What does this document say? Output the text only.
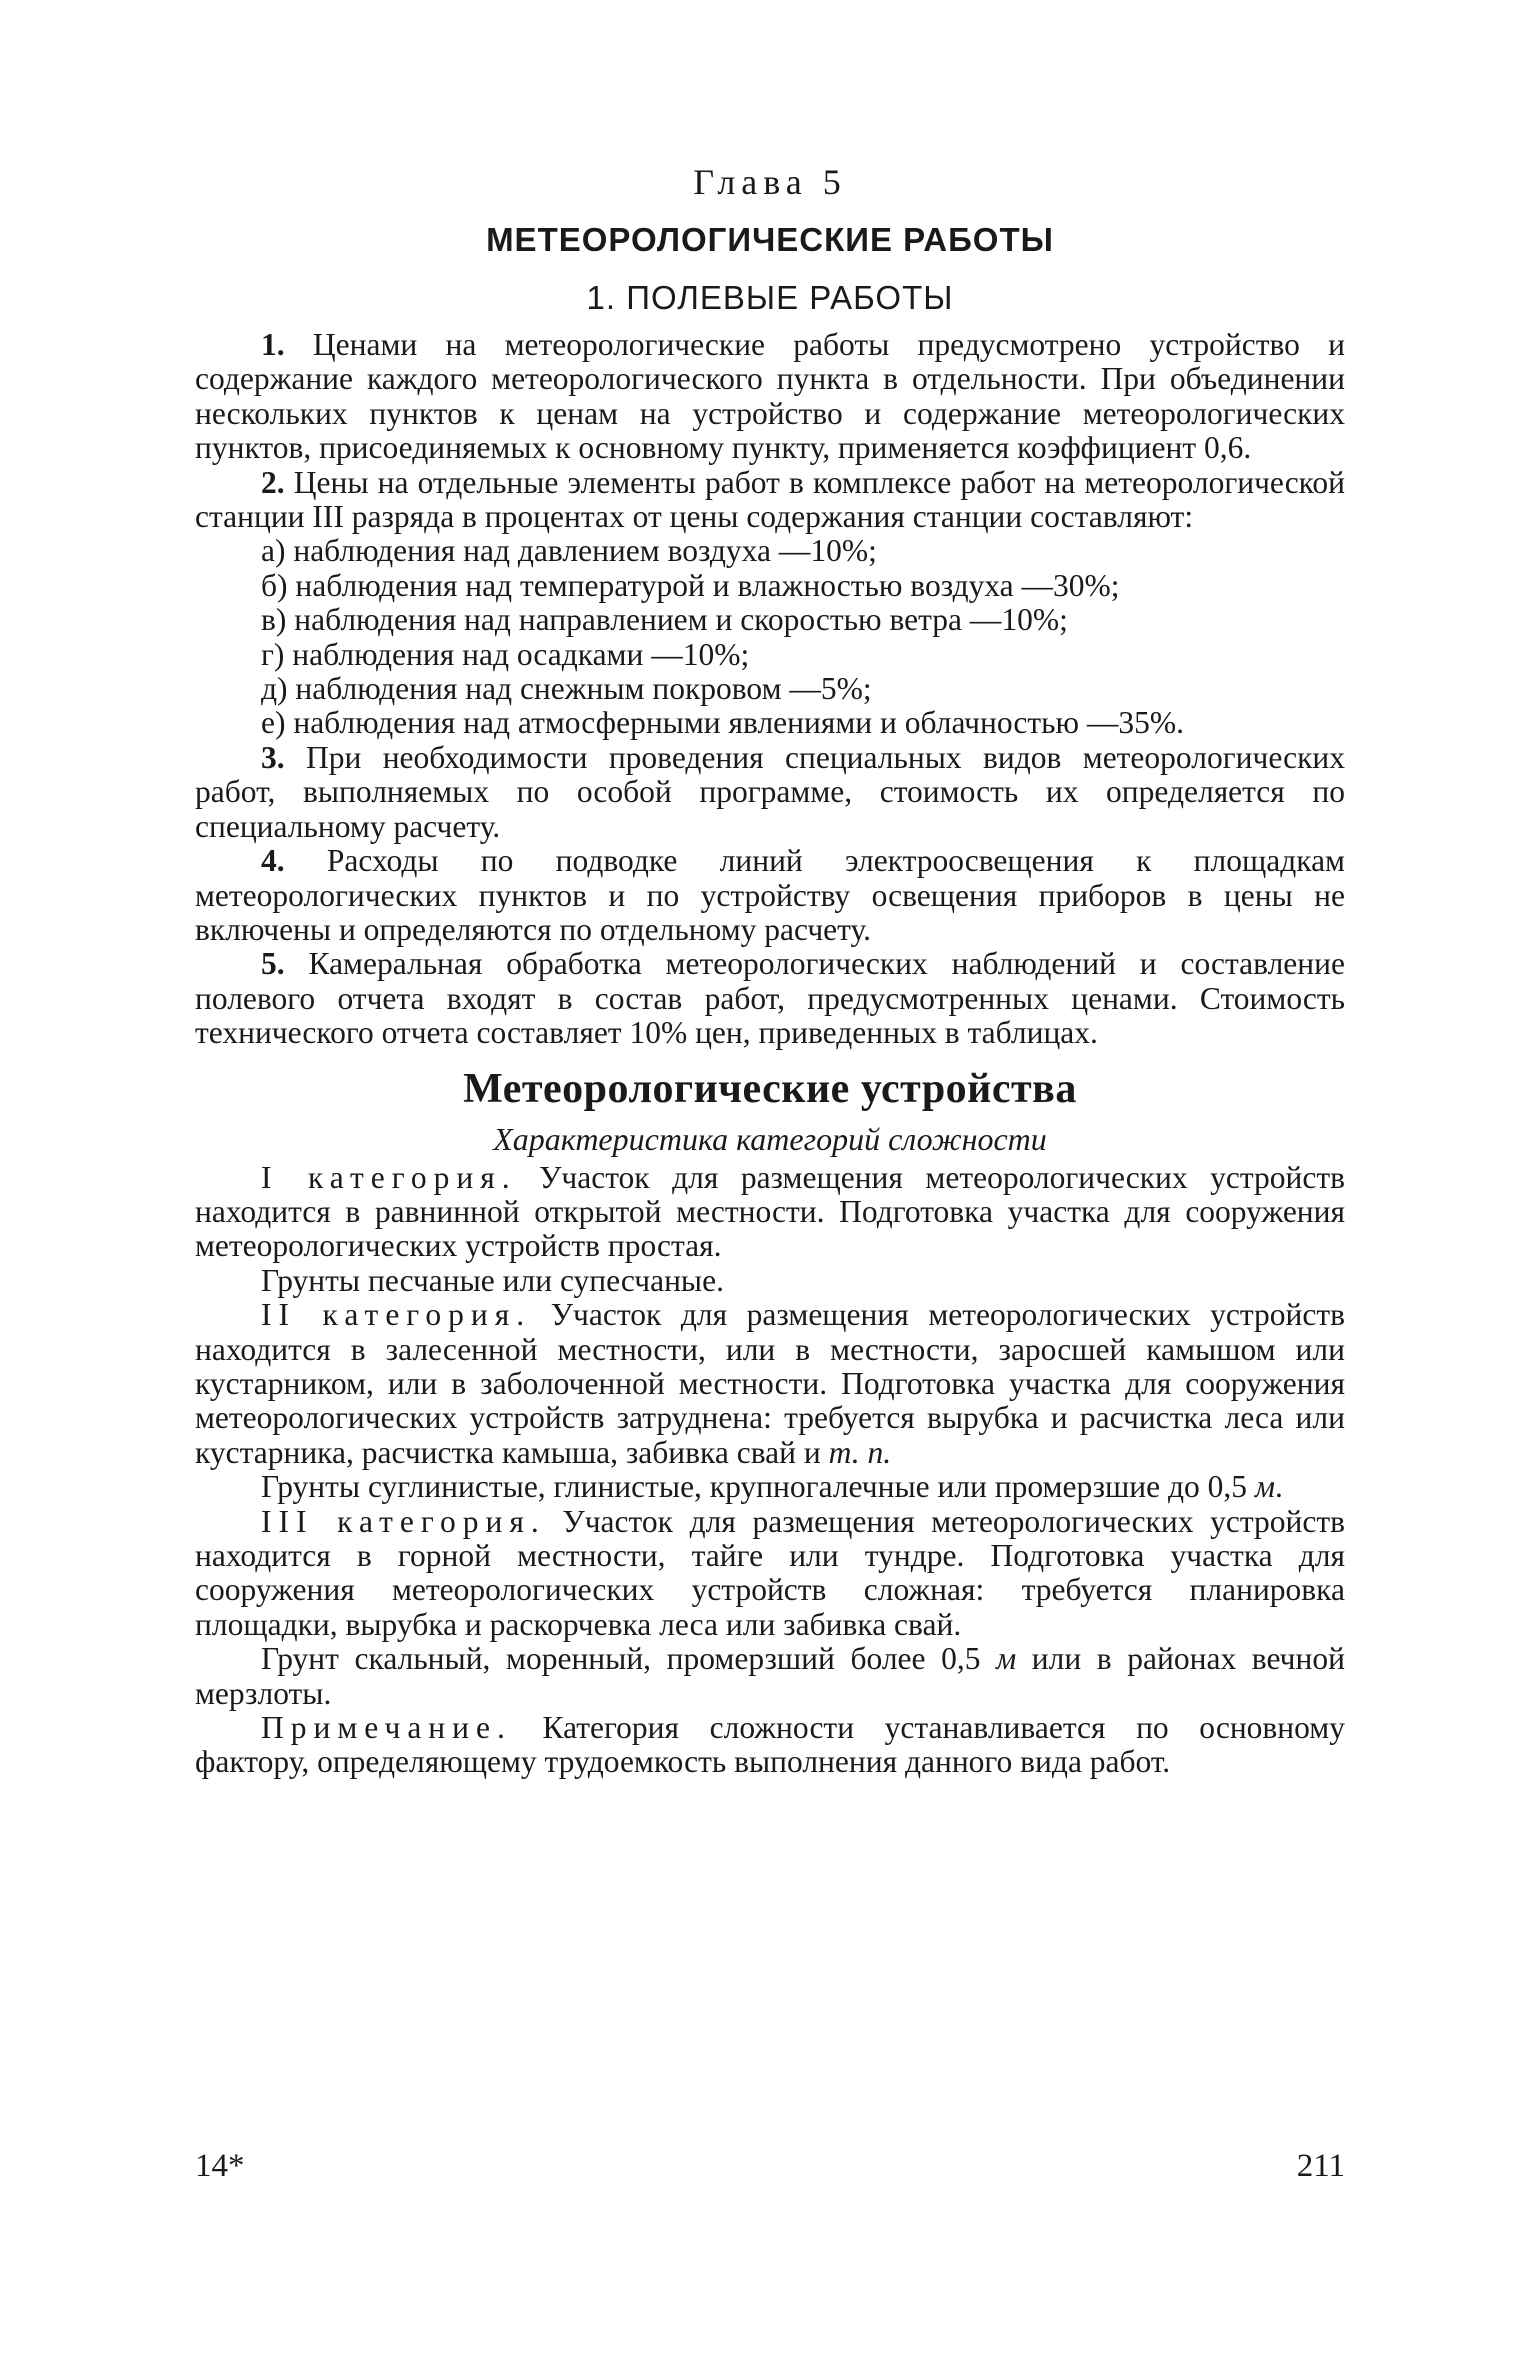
Глава 5
МЕТЕОРОЛОГИЧЕСКИЕ РАБОТЫ
1. ПОЛЕВЫЕ РАБОТЫ

1. Ценами на метеорологические работы предусмотрено устройство и содержание каждого метеорологического пункта в отдельности. При объединении нескольких пунктов к ценам на устройство и содержание метеорологических пунктов, присоединяемых к основному пункту, применяется коэффициент 0,6.

2. Цены на отдельные элементы работ в комплексе работ на метеорологической станции III разряда в процентах от цены содержания станции составляют:

а) наблюдения над давлением воздуха —10%;

б) наблюдения над температурой и влажностью воздуха —30%;

в) наблюдения над направлением и скоростью ветра —10%;

г) наблюдения над осадками —10%;

д) наблюдения над снежным покровом —5%;

е) наблюдения над атмосферными явлениями и облачностью —35%.

3. При необходимости проведения специальных видов метеорологических работ, выполняемых по особой программе, стоимость их определяется по специальному расчету.

4. Расходы по подводке линий электроосвещения к площадкам метеорологических пунктов и по устройству освещения приборов в цены не включены и определяются по отдельному расчету.

5. Камеральная обработка метеорологических наблюдений и составление полевого отчета входят в состав работ, предусмотренных ценами. Стоимость технического отчета составляет 10% цен, приведенных в таблицах.

Метеорологические устройства
Характеристика категорий сложности

I категория. Участок для размещения метеорологических устройств находится в равнинной открытой местности. Подготовка участка для сооружения метеорологических устройств простая.

Грунты песчаные или супесчаные.

II категория. Участок для размещения метеорологических устройств находится в залесенной местности, или в местности, заросшей камышом или кустарником, или в заболоченной местности. Подготовка участка для сооружения метеорологических устройств затруднена: требуется вырубка и расчистка леса или кустарника, расчистка камыша, забивка свай и т. п.

Грунты суглинистые, глинистые, крупногалечные или промерзшие до 0,5 м.

III категория. Участок для размещения метеорологических устройств находится в горной местности, тайге или тундре. Подготовка участка для сооружения метеорологических устройств сложная: требуется планировка площадки, вырубка и раскорчевка леса или забивка свай.

Грунт скальный, моренный, промерзший более 0,5 м или в районах вечной мерзлоты.

Примечание. Категория сложности устанавливается по основному фактору, определяющему трудоемкость выполнения данного вида работ.

14*	211
